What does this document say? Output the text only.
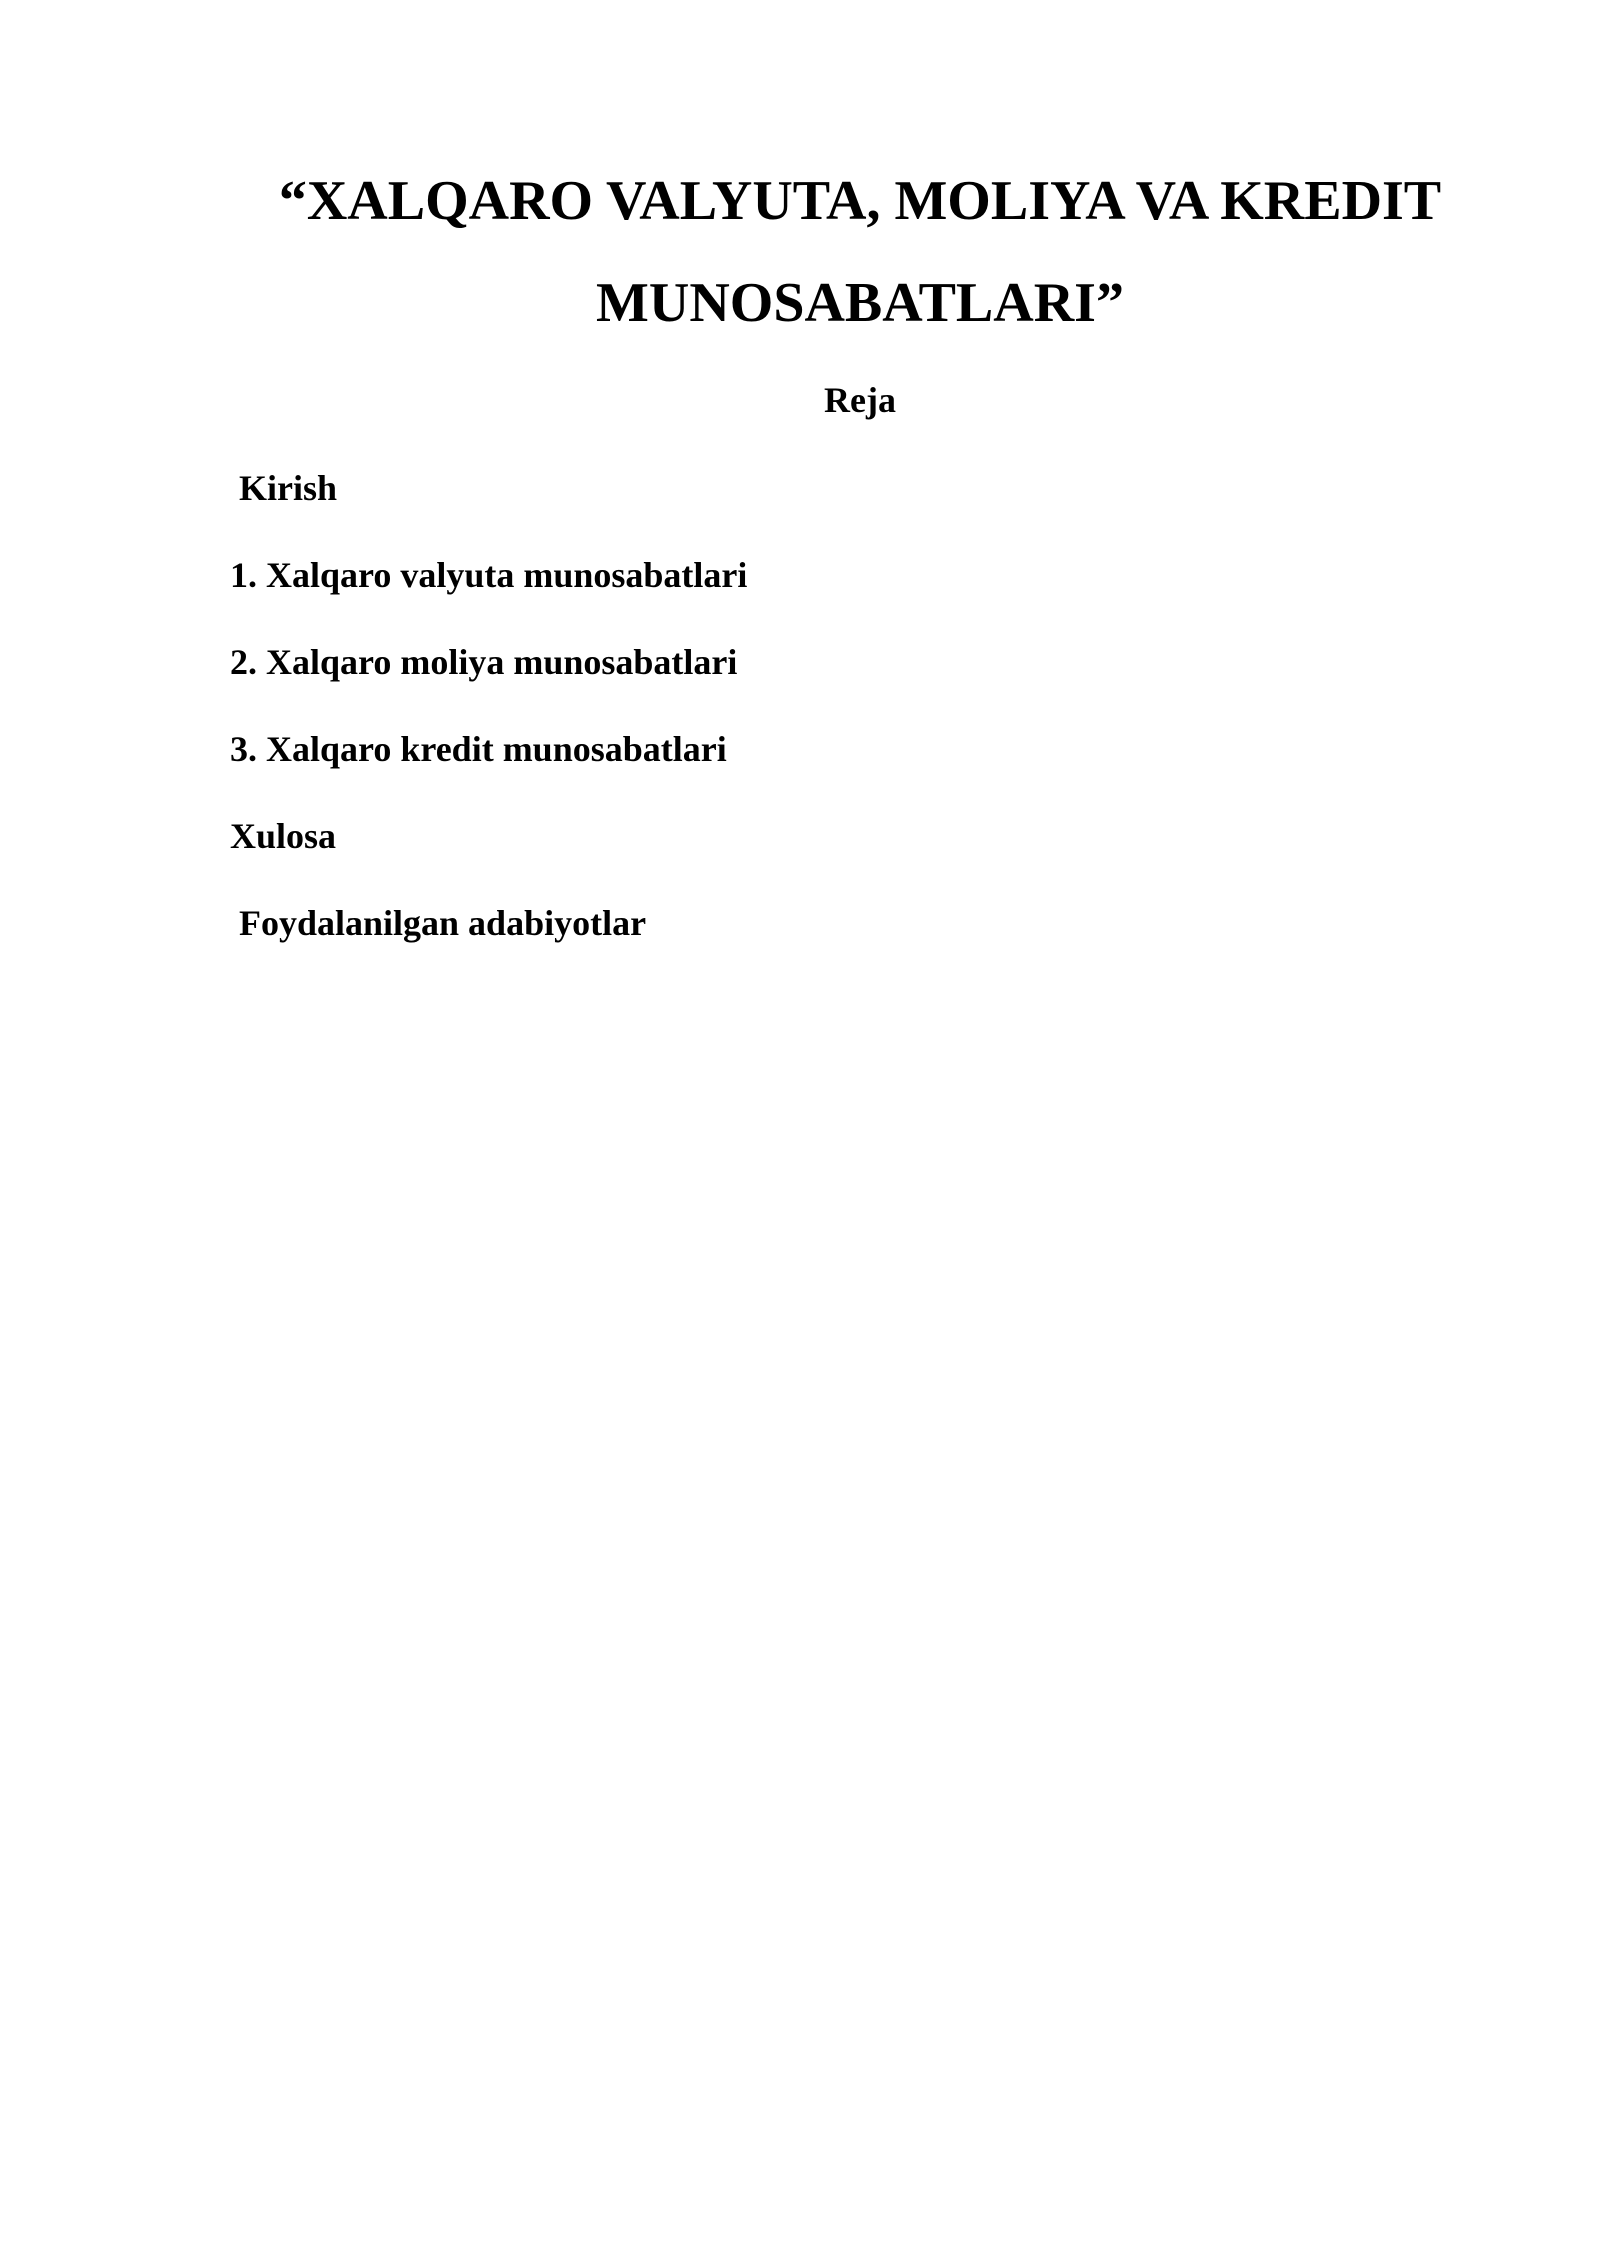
“XALQARO VALYUTA, MOLIYA VA KREDIT
MUNOSABATLARI”
Reja
Kirish
1. Xalqaro valyuta munosabatlari
2. Xalqaro moliya munosabatlari
3. Xalqaro kredit munosabatlari
Xulosa
Foydalanilgan adabiyotlar
